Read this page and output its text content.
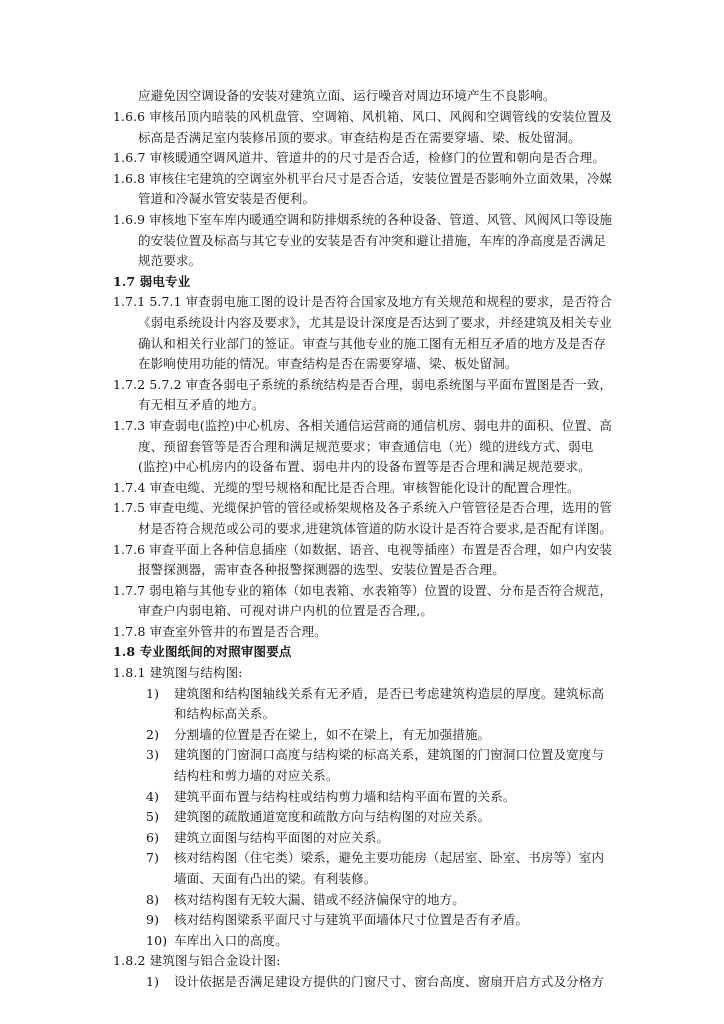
应避免因空调设备的安装对建筑立面、运行噪音对周边环境产生不良影响。
1.6.6 审核吊顶内暗装的风机盘管、空调箱、风机箱、风口、风阀和空调管线的安装位置及
标高是否满足室内装修吊顶的要求。审查结构是否在需要穿墙、梁、板处留洞。
1.6.7 审核暖通空调风道井、管道井的的尺寸是否合适，检修门的位置和朝向是否合理。
1.6.8 审核住宅建筑的空调室外机平台尺寸是否合适，安装位置是否影响外立面效果，冷媒
管道和冷凝水管安装是否便利。
1.6.9 审核地下室车库内暖通空调和防排烟系统的各种设备、管道、风管、风阀风口等设施
的安装位置及标高与其它专业的安装是否有冲突和避让措施，车库的净高度是否满足
规范要求。
1.7 弱电专业
1.7.1 5.7.1 审查弱电施工图的设计是否符合国家及地方有关规范和规程的要求，是否符合
《弱电系统设计内容及要求》，尤其是设计深度是否达到了要求，并经建筑及相关专业
确认和相关行业部门的签证。审查与其他专业的施工图有无相互矛盾的地方及是否存
在影响使用功能的情况。审查结构是否在需要穿墙、梁、板处留洞。
1.7.2 5.7.2 审查各弱电子系统的系统结构是否合理，弱电系统图与平面布置图是否一致，
有无相互矛盾的地方。
1.7.3 审查弱电(监控)中心机房、各相关通信运营商的通信机房、弱电井的面积、位置、高
度、预留套管等是否合理和满足规范要求；审查通信电（光）缆的进线方式、弱电
(监控)中心机房内的设备布置、弱电井内的设备布置等是否合理和满足规范要求。
1.7.4 审查电缆、光缆的型号规格和配比是否合理。审核智能化设计的配置合理性。
1.7.5 审查电缆、光缆保护管的管径或桥架规格及各子系统入户管管径是否合理，选用的管
材是否符合规范或公司的要求,进建筑体管道的防水设计是否符合要求,是否配有详图。
1.7.6 审查平面上各种信息插座（如数据、语音、电视等插座）布置是否合理，如户内安装
报警探测器，需审查各种报警探测器的选型、安装位置是否合理。
1.7.7 弱电箱与其他专业的箱体（如电表箱、水表箱等）位置的设置、分布是否符合规范，
审查户内弱电箱、可视对讲户内机的位置是否合理,。
1.7.8 审查室外管井的布置是否合理。
1.8 专业图纸间的对照审图要点
1.8.1 建筑图与结构图:
1) 建筑图和结构图轴线关系有无矛盾，是否已考虑建筑构造层的厚度。建筑标高
和结构标高关系。
2) 分割墙的位置是否在梁上，如不在梁上，有无加强措施。
3) 建筑图的门窗洞口高度与结构梁的标高关系，建筑图的门窗洞口位置及宽度与
结构柱和剪力墙的对应关系。
4) 建筑平面布置与结构柱或结构剪力墙和结构平面布置的关系。
5) 建筑图的疏散通道宽度和疏散方向与结构图的对应关系。
6) 建筑立面图与结构平面图的对应关系。
7) 核对结构图（住宅类）梁系，避免主要功能房（起居室、卧室、书房等）室内
墙面、天面有凸出的梁。有利装修。
8) 核对结构图有无较大漏、错或不经济偏保守的地方。
9) 核对结构图梁系平面尺寸与建筑平面墙体尺寸位置是否有矛盾。
10) 车库出入口的高度。
1.8.2 建筑图与铝合金设计图:
1) 设计依据是否满足建设方提供的门窗尺寸、窗台高度、窗扇开启方式及分格方
